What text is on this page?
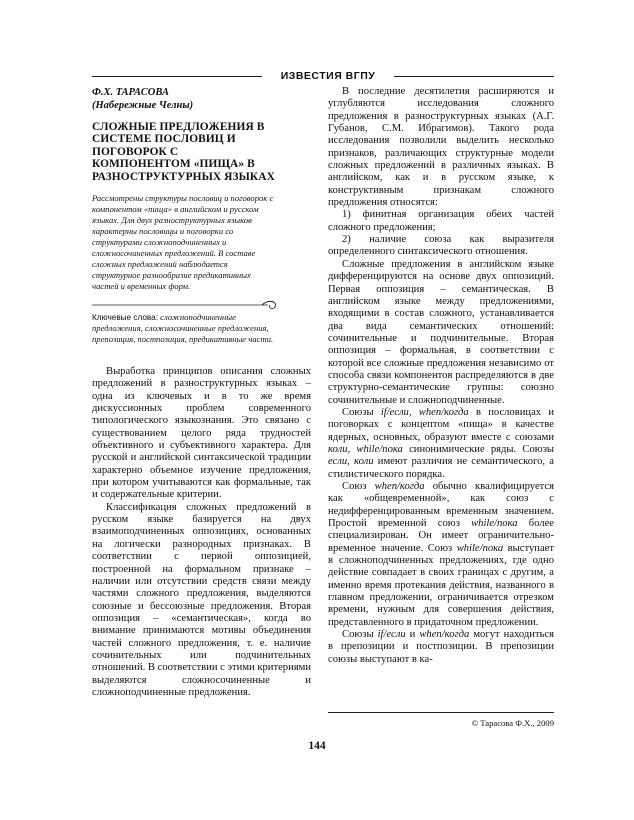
ИЗВЕСТИЯ ВГПУ
Ф.Х. ТАРАСОВА
(Набережные Челны)
СЛОЖНЫЕ ПРЕДЛОЖЕНИЯ В СИСТЕМЕ ПОСЛОВИЦ И ПОГОВОРОК С КОМПОНЕНТОМ «ПИЩА» В РАЗНОСТРУКТУРНЫХ ЯЗЫКАХ
Рассмотрены структуры пословиц и поговорок с компонентом «пища» в английском и русском языках. Для двух разноструктурных языков характерны пословицы и поговорки со структурами сложноподчиненных и сложносочиненных предложений. В составе сложных предложений наблюдается структурное разнообразие предикативных частей и временных форм.
Ключевые слова: сложноподчиненные предложения, сложносочиненные предложения, препозиция, постпозиция, предикативные части.

Выработка принципов описания сложных предложений в разноструктурных языках – одна из ключевых и в то же время дискуссионных проблем современного типологического языкознания. Это связано с существованием целого ряда трудностей объективного и субъективного характера. Для русской и английской синтаксической традиции характерно объемное изучение предложения, при котором учитываются как формальные, так и содержательные критерии.

Классификация сложных предложений в русском языке базируется на двух взаимоподчиненных оппозициях, основанных на логически разнородных признаках. В соответствии с первой оппозицией, построенной на формальном признаке – наличии или отсутствии средств связи между частями сложного предложения, выделяются союзные и бессоюзные предложения. Вторая оппозиция – «семантическая», когда во внимание принимаются мотивы объединения частей сложного предложения, т. е. наличие сочинительных или подчинительных отношений. В соответствии с этими критериями выделяются сложносочиненные и сложноподчиненные предложения.

В последние десятилетия расширяются и углубляются исследования сложного предложения в разноструктурных языках (А.Г. Губанов, С.М. Ибрагимов). Такого рода исследования позволили выделить несколько признаков, различающих структурные модели сложных предложений в различных языках. В английском, как и в русском языке, к конструктивным признакам сложного предложения относятся:

1) финитная организация обеих частей сложного предложения;

2) наличие союза как выразителя определенного синтаксического отношения.

Сложные предложения в английском языке дифференцируются на основе двух оппозиций. Первая оппозиция – семантическая. В английском языке между предложениями, входящими в состав сложного, устанавливается два вида семантических отношений: сочинительные и подчинительные. Вторая оппозиция – формальная, в соответствии с которой все сложные предложения независимо от способа связи компонентов распределяются в две структурно-семантические группы: союзно сочинительные и сложноподчиненные.

Союзы if/если, when/когда в пословицах и поговорках с концептом «пища» в качестве ядерных, основных, образуют вместе с союзами коли, while/пока синонимические ряды. Союзы если, коли имеют различия не семантического, а стилистического порядка.

Союз when/когда обычно квалифицируется как «общевременной», как союз с недифференцированным временным значением. Простой временной союз while/пока более специализирован. Он имеет ограничительно-временное значение. Союз while/пока выступает в сложноподчиненных предложениях, где одно действие совпадает в своих границах с другим, а именно время протекания действия, названного в главном предложении, ограничивается отрезком времени, нужным для совершения действия, представленного в придаточном предложении.

Союзы if/если и when/когда могут находиться в препозиции и постпозиции. В препозиции союзы выступают в ка-

© Тарасова Ф.Х., 2009
144
